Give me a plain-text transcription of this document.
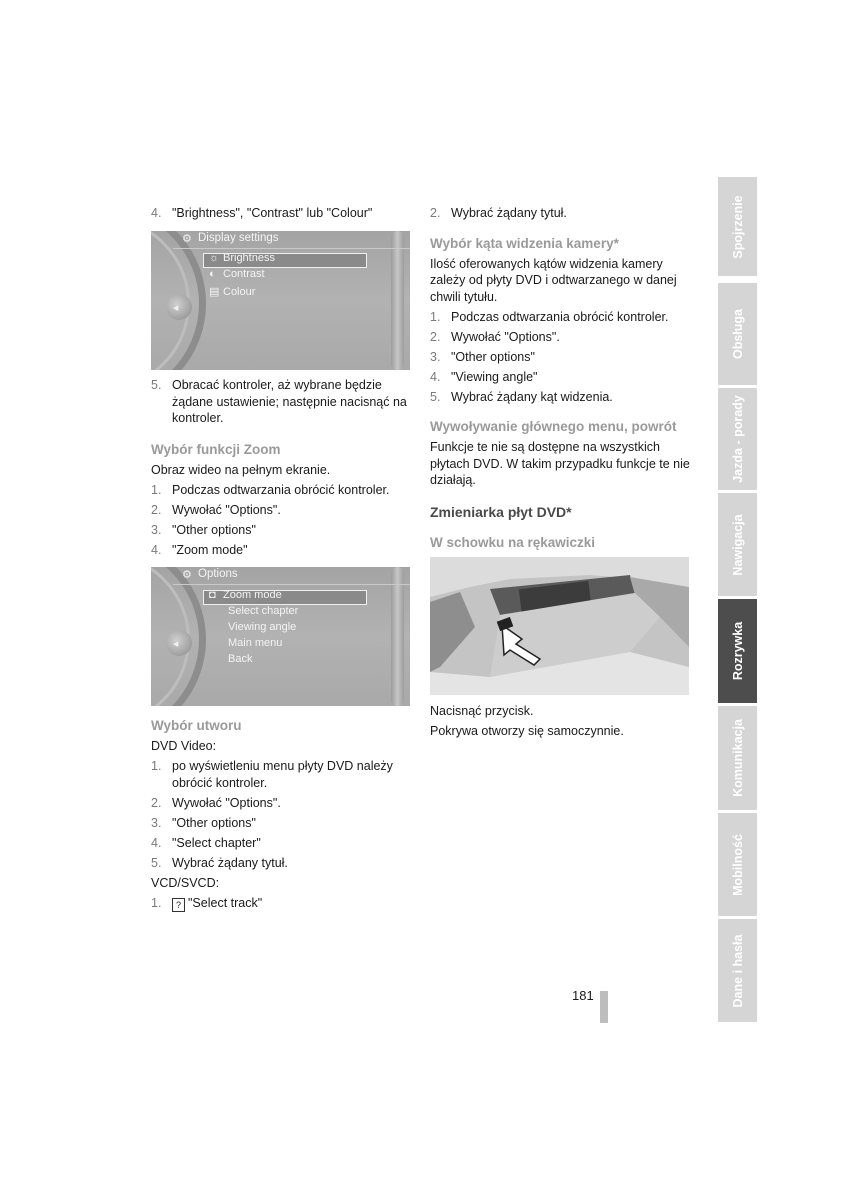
4. "Brightness", "Contrast" lub "Colour"
◀
⚙ Display settings
☼ Brightness
◐ Contrast
▤ Colour
5. Obracać kontroler, aż wybrane będzie żądane ustawienie; następnie nacisnąć na kontroler.
Wybór funkcji Zoom

Obraz wideo na pełnym ekranie.

1. Podczas odtwarzania obrócić kontroler.
2. Wywołać "Options".
3. "Other options"
4. "Zoom mode"
◀
⚙ Options
◘ Zoom mode
Select chapter
Viewing angle
Main menu
Back
Wybór utworu

DVD Video:

1. po wyświetleniu menu płyty DVD należy obrócić kontroler.
2. Wywołać "Options".
3. "Other options"
4. "Select chapter"
5. Wybrać żądany tytuł.

VCD/SVCD:

1. ? "Select track"
2. Wybrać żądany tytuł.
Wybór kąta widzenia kamery*

Ilość oferowanych kątów widzenia kamery zależy od płyty DVD i odtwarzanego w danej chwili tytułu.

1. Podczas odtwarzania obrócić kontroler.
2. Wywołać "Options".
3. "Other options"
4. "Viewing angle"
5. Wybrać żądany kąt widzenia.
Wywoływanie głównego menu, powrót

Funkcje te nie są dostępne na wszystkich płytach DVD. W takim przypadku funkcje te nie działają.

Zmieniarka płyt DVD*
W schowku na rękawiczki

Nacisnąć przycisk.

Pokrywa otworzy się samoczynnie.

181
Spojrzenie
Obsługa
Jazda - porady
Nawigacja
Rozrywka
Komunikacja
Mobilność
Dane i hasła
